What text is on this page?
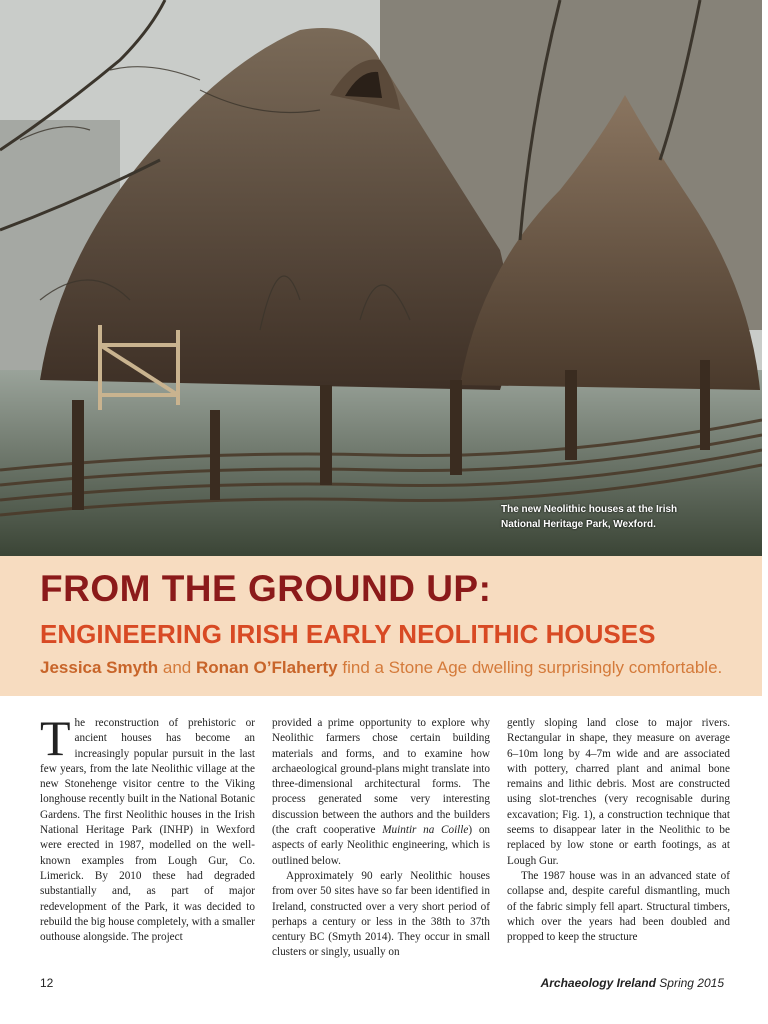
The new Neolithic houses at the Irish National Heritage Park, Wexford.
FROM THE GROUND UP:
ENGINEERING IRISH EARLY NEOLITHIC HOUSES
Jessica Smyth and Ronan O’Flaherty find a Stone Age dwelling surprisingly comfortable.

The reconstruction of prehistoric or ancient houses has become an increasingly popular pursuit in the last few years, from the late Neolithic village at the new Stonehenge visitor centre to the Viking longhouse recently built in the National Botanic Gardens. The first Neolithic houses in the Irish National Heritage Park (INHP) in Wexford were erected in 1987, modelled on the well-known examples from Lough Gur, Co. Limerick. By 2010 these had degraded substantially and, as part of major redevelopment of the Park, it was decided to rebuild the big house completely, with a smaller outhouse alongside. The project

provided a prime opportunity to explore why Neolithic farmers chose certain building materials and forms, and to examine how archaeological ground-plans might translate into three-dimensional architectural forms. The process generated some very interesting discussion between the authors and the builders (the craft cooperative Muintir na Coille) on aspects of early Neolithic engineering, which is outlined below.

Approximately 90 early Neolithic houses from over 50 sites have so far been identified in Ireland, constructed over a very short period of perhaps a century or less in the 38th to 37th century BC (Smyth 2014). They occur in small clusters or singly, usually on

gently sloping land close to major rivers. Rectangular in shape, they measure on average 6–10m long by 4–7m wide and are associated with pottery, charred plant and animal bone remains and lithic debris. Most are constructed using slot-trenches (very recognisable during excavation; Fig. 1), a construction technique that seems to disappear later in the Neolithic to be replaced by low stone or earth footings, as at Lough Gur.

The 1987 house was in an advanced state of collapse and, despite careful dismantling, much of the fabric simply fell apart. Structural timbers, which over the years had been doubled and propped to keep the structure

12	Archaeology Ireland Spring 2015
